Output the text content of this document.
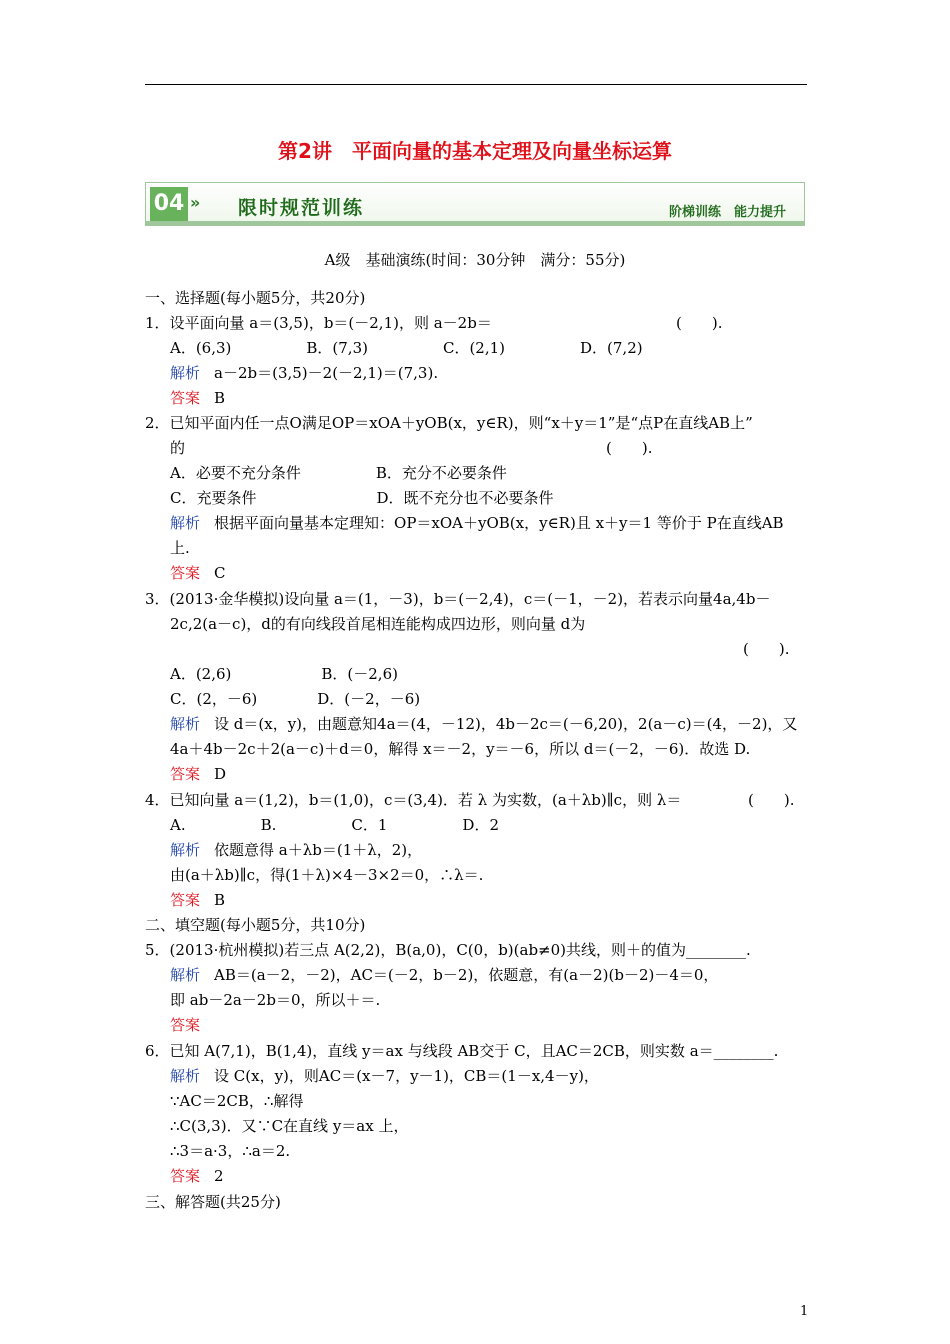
第2讲　平面向量的基本定理及向量坐标运算
04 » 限时规范训练	阶梯训练　能力提升
A级　基础演练(时间：30分钟　满分：55分)
一、选择题(每小题5分，共20分)
1．设平面向量 a＝(3,5)，b＝(－2,1)，则 a－2b＝
A．(6,3)　　　　　B．(7,3)　　　　　C．(2,1)　　　　　D．(7,2)
解析 a－2b＝(3,5)－2(－2,1)＝(7,3).
答案 B
2．已知平面内任一点O满足OP＝xOA＋yOB(x，y∈R)，则“x＋y＝1”是“点P在直线AB上”
的
A．必要不充分条件　　　　　B．充分不必要条件
C．充要条件　　　　　　　　D．既不充分也不必要条件
解析 根据平面向量基本定理知：OP＝xOA＋yOB(x，y∈R)且 x＋y＝1 等价于 P在直线AB
上.
答案 C
3．(2013·金华模拟)设向量 a＝(1，－3)，b＝(－2,4)，c＝(－1，－2)，若表示向量4a,4b－
2c,2(a－c)，d的有向线段首尾相连能构成四边形，则向量 d为
A．(2,6)　　　　　　B．(－2,6)
C．(2，－6)　　　　D．(－2，－6)
解析 设 d＝(x，y)，由题意知4a＝(4，－12)，4b－2c＝(－6,20)，2(a－c)＝(4，－2)，又
4a＋4b－2c＋2(a－c)＋d＝0，解得 x＝－2，y＝－6，所以 d＝(－2，－6)．故选 D.
答案 D
4．已知向量 a＝(1,2)，b＝(1,0)，c＝(3,4)．若 λ 为实数，(a＋λb)∥c，则 λ＝
A.　　　　　B.　　　　　C．1　　　　　D．2
解析 依题意得 a＋λb＝(1＋λ，2)，
由(a＋λb)∥c，得(1＋λ)×4－3×2＝0，∴λ＝.
答案 B
二、填空题(每小题5分，共10分)
5．(2013·杭州模拟)若三点 A(2,2)，B(a,0)，C(0，b)(ab≠0)共线，则＋的值为________.
解析 AB＝(a－2，－2)，AC＝(－2，b－2)，依题意，有(a－2)(b－2)－4＝0，
即 ab－2a－2b＝0，所以＋＝.
答案
6．已知 A(7,1)，B(1,4)，直线 y＝ax 与线段 AB交于 C，且AC＝2CB，则实数 a＝________.
解析 设 C(x，y)，则AC＝(x－7，y－1)，CB＝(1－x,4－y)，
∵AC＝2CB，∴解得
∴C(3,3)．又∵C在直线 y＝ax 上，
∴3＝a·3，∴a＝2.
答案 2
三、解答题(共25分)
(　　).
(　　).
(　　).
(　　).
1
